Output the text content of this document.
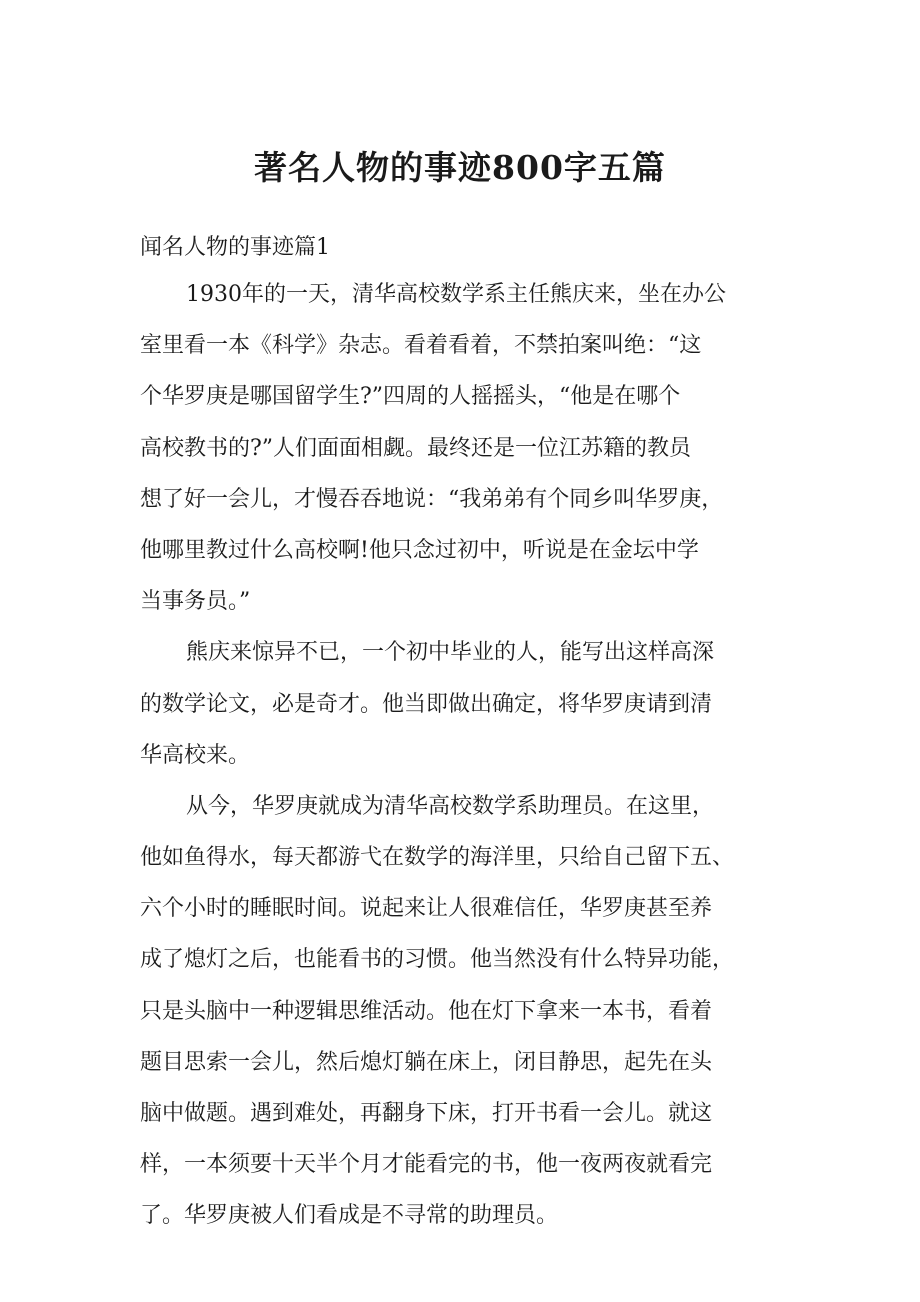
著名人物的事迹800字五篇

闻名人物的事迹篇1

1930年的一天，清华高校数学系主任熊庆来，坐在办公
室里看一本《科学》杂志。看着看着，不禁拍案叫绝：“这
个华罗庚是哪国留学生?”四周的人摇摇头，“他是在哪个
高校教书的?”人们面面相觑。最终还是一位江苏籍的教员
想了好一会儿，才慢吞吞地说：“我弟弟有个同乡叫华罗庚，
他哪里教过什么高校啊!他只念过初中，听说是在金坛中学
当事务员。”

熊庆来惊异不已，一个初中毕业的人，能写出这样高深
的数学论文，必是奇才。他当即做出确定，将华罗庚请到清
华高校来。

从今，华罗庚就成为清华高校数学系助理员。在这里，
他如鱼得水，每天都游弋在数学的海洋里，只给自己留下五、
六个小时的睡眠时间。说起来让人很难信任，华罗庚甚至养
成了熄灯之后，也能看书的习惯。他当然没有什么特异功能，
只是头脑中一种逻辑思维活动。他在灯下拿来一本书，看着
题目思索一会儿，然后熄灯躺在床上，闭目静思，起先在头
脑中做题。遇到难处，再翻身下床，打开书看一会儿。就这
样，一本须要十天半个月才能看完的书，他一夜两夜就看完
了。华罗庚被人们看成是不寻常的助理员。
